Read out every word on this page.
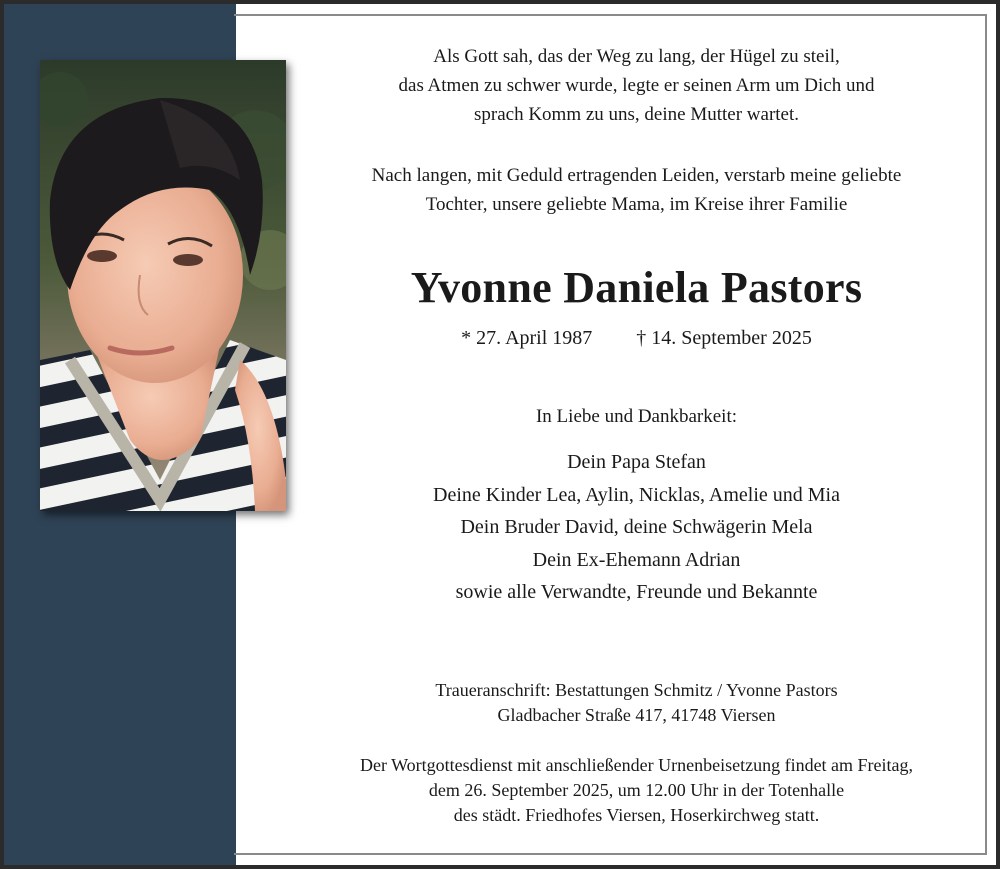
Als Gott sah, das der Weg zu lang, der Hügel zu steil,

das Atmen zu schwer wurde, legte er seinen Arm um Dich und

sprach Komm zu uns, deine Mutter wartet.

Nach langen, mit Geduld ertragenden Leiden, verstarb meine geliebte

Tochter, unsere geliebte Mama, im Kreise ihrer Familie

Yvonne Daniela Pastors
* 27. April 1987 † 14. September 2025

In Liebe und Dankbarkeit:

Dein Papa Stefan

Deine Kinder Lea, Aylin, Nicklas, Amelie und Mia

Dein Bruder David, deine Schwägerin Mela

Dein Ex-Ehemann Adrian

sowie alle Verwandte, Freunde und Bekannte

Traueranschrift: Bestattungen Schmitz / Yvonne Pastors

Gladbacher Straße 417, 41748 Viersen

Der Wortgottesdienst mit anschließender Urnenbeisetzung findet am Freitag,

dem 26. September 2025, um 12.00 Uhr in der Totenhalle

des städt. Friedhofes Viersen, Hoserkirchweg statt.
